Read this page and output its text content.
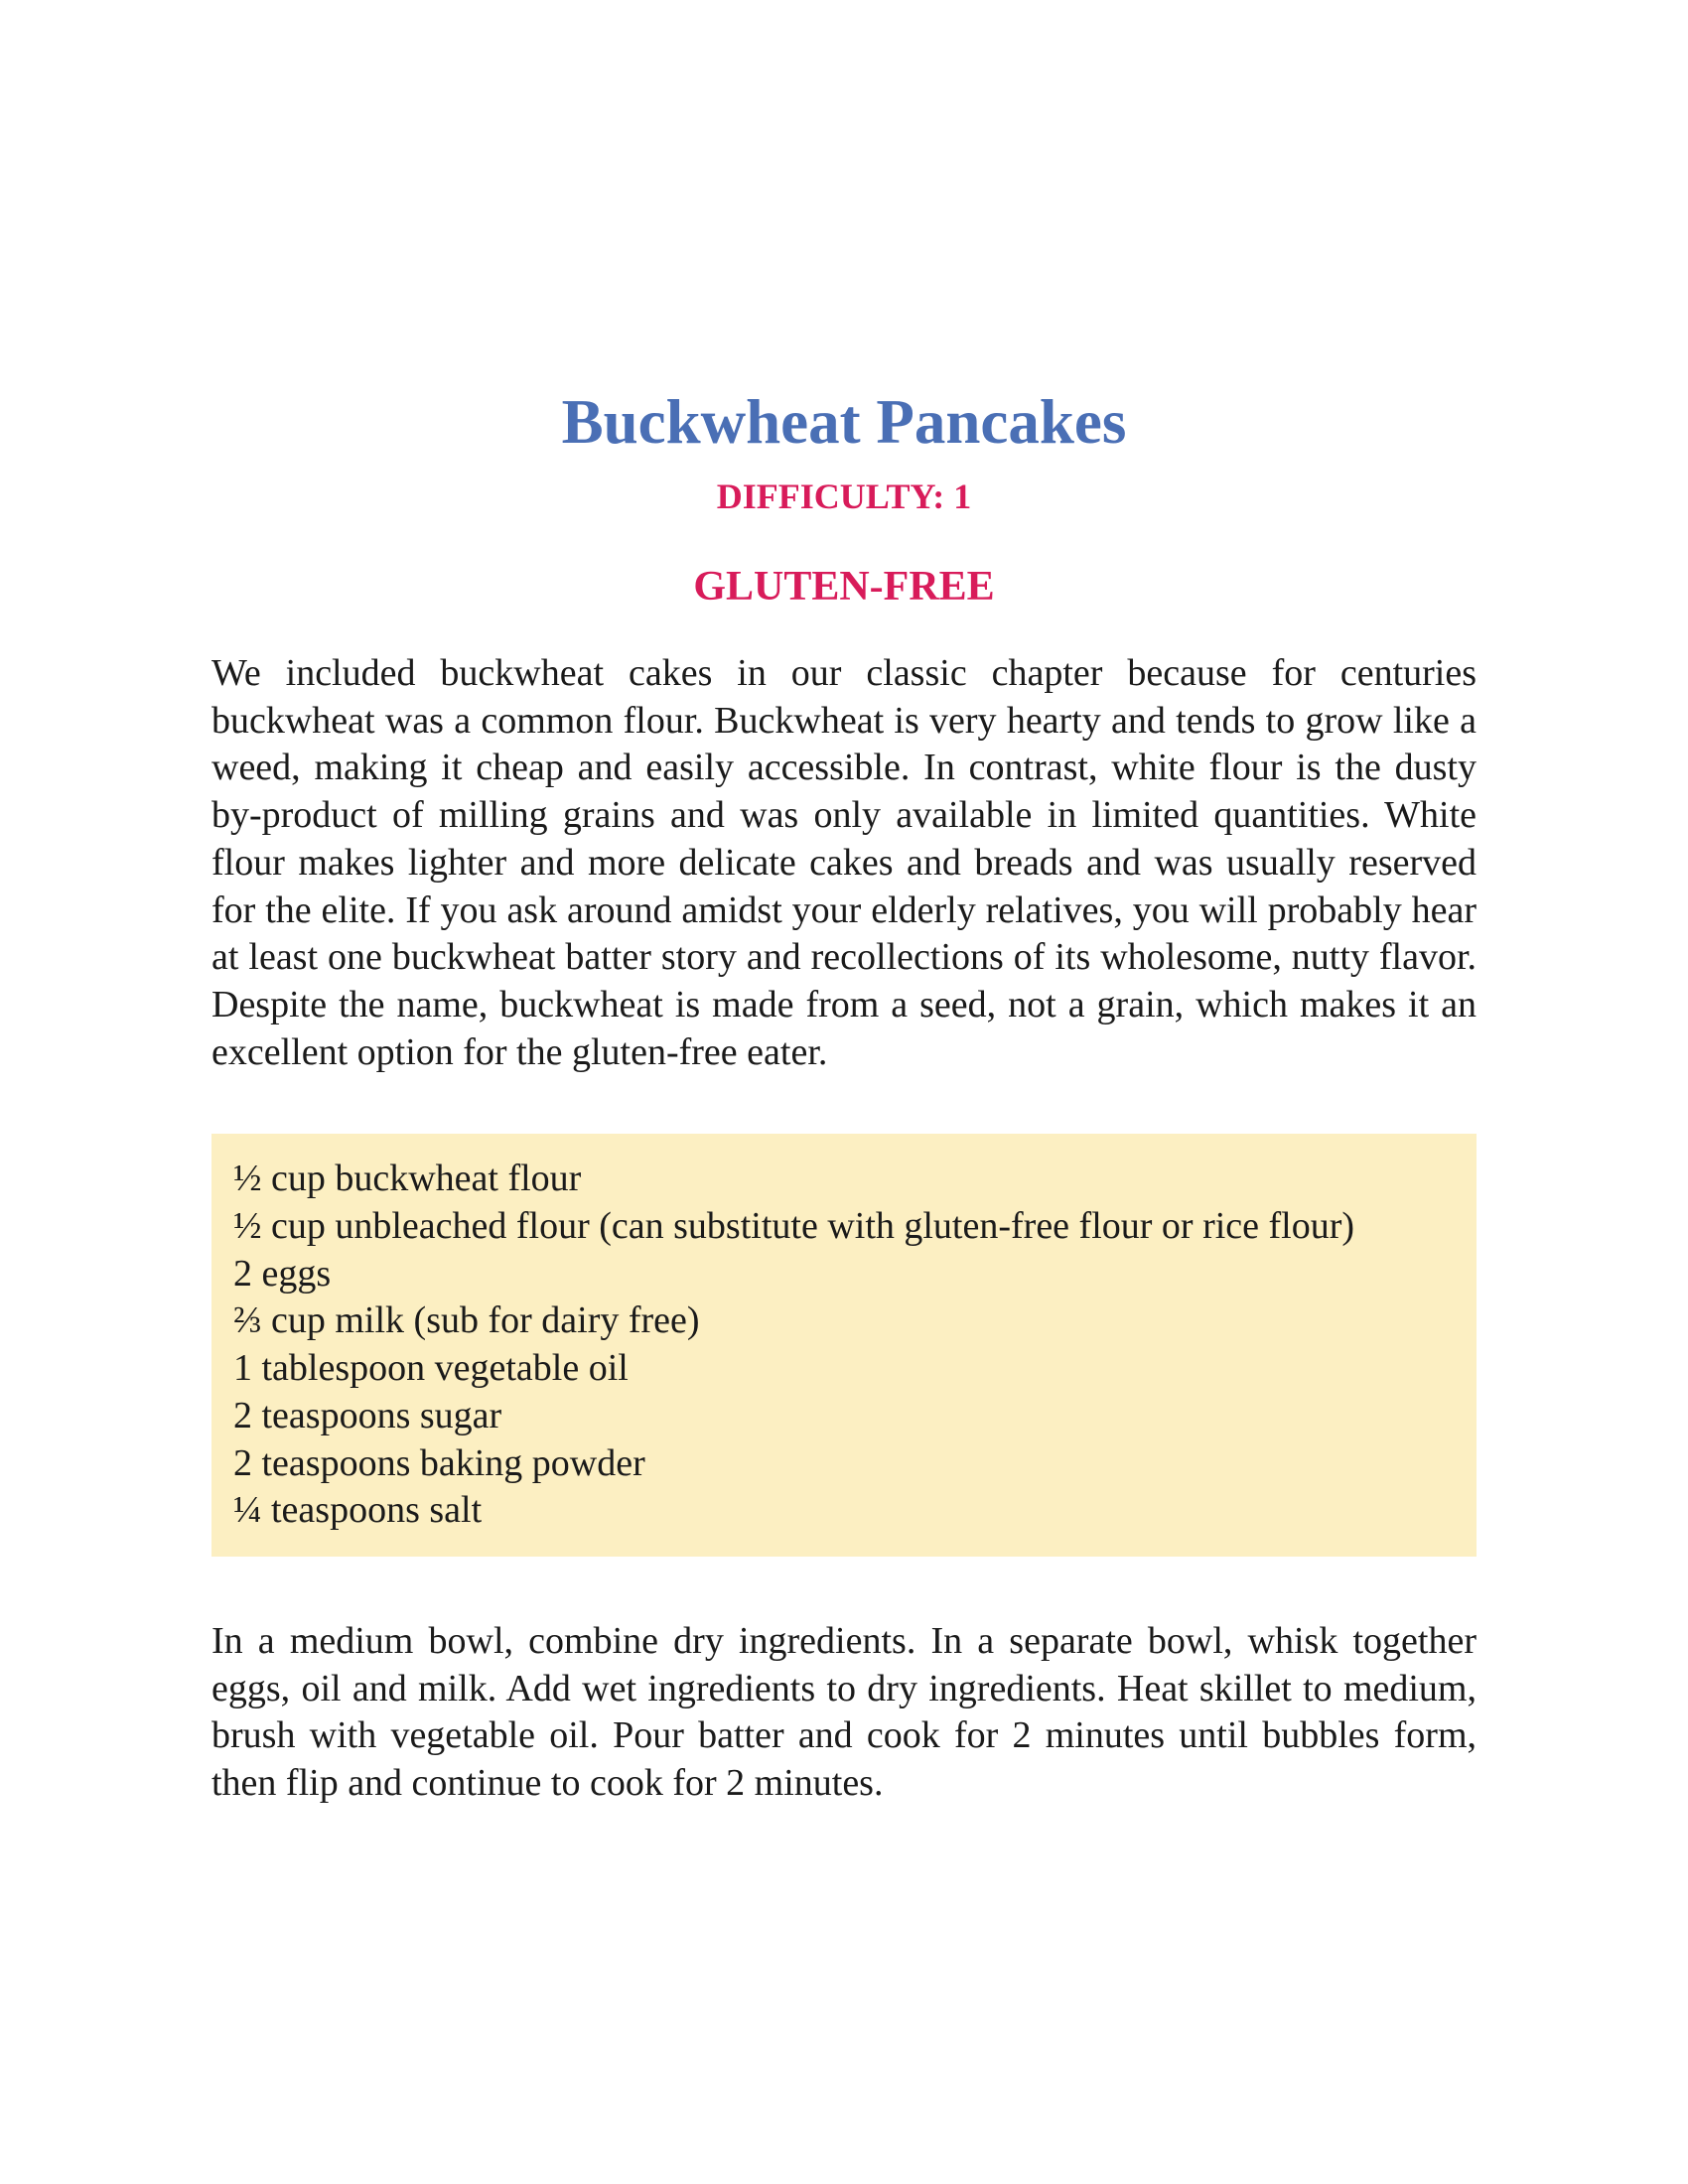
Buckwheat Pancakes
DIFFICULTY: 1
GLUTEN-FREE

We included buckwheat cakes in our classic chapter because for centuries buckwheat was a common flour. Buckwheat is very hearty and tends to grow like a weed, making it cheap and easily accessible. In contrast, white flour is the dusty by-product of milling grains and was only available in limited quantities. White flour makes lighter and more delicate cakes and breads and was usually reserved for the elite. If you ask around amidst your elderly relatives, you will probably hear at least one buckwheat batter story and recollections of its wholesome, nutty flavor. Despite the name, buckwheat is made from a seed, not a grain, which makes it an excellent option for the gluten-free eater.

½ cup buckwheat flour
½ cup unbleached flour (can substitute with gluten-free flour or rice flour)
2 eggs
⅔ cup milk (sub for dairy free)
1 tablespoon vegetable oil
2 teaspoons sugar
2 teaspoons baking powder
¼ teaspoons salt

In a medium bowl, combine dry ingredients. In a separate bowl, whisk together eggs, oil and milk. Add wet ingredients to dry ingredients. Heat skillet to medium, brush with vegetable oil. Pour batter and cook for 2 minutes until bubbles form, then flip and continue to cook for 2 minutes.
